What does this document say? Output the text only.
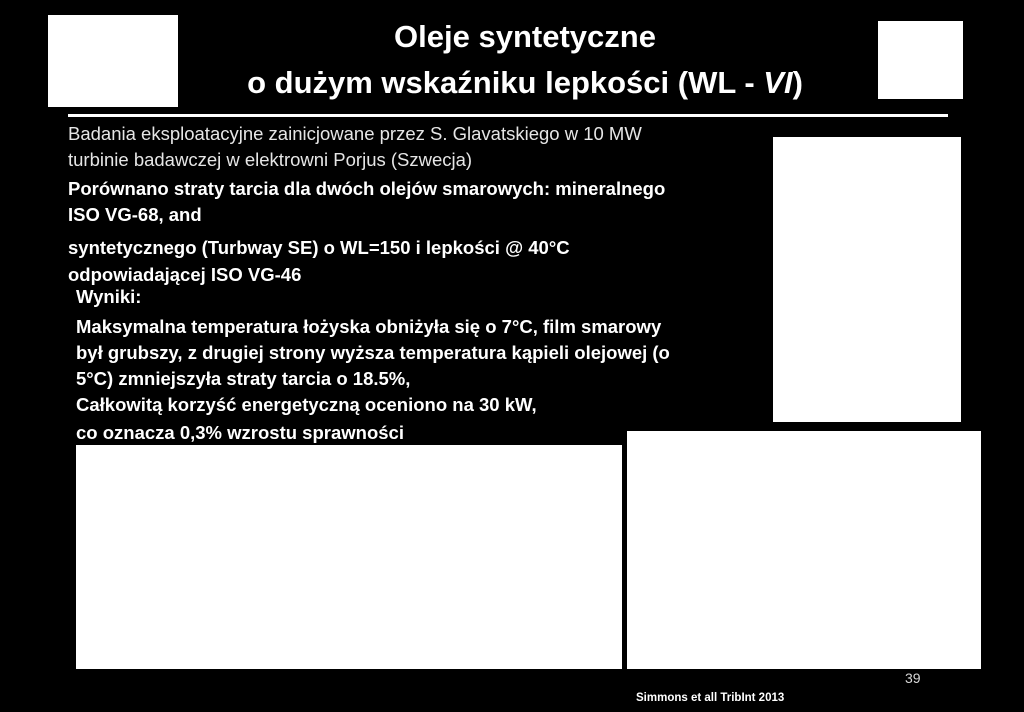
Oleje syntetyczne
o dużym wskaźniku lepkości (WL - VI)
Badania eksploatacyjne zainicjowane przez S. Glavatskiego w 10 MW
turbinie badawczej w elektrowni Porjus (Szwecja)
Porównano straty tarcia dla dwóch olejów smarowych: mineralnego
ISO VG-68, and
syntetycznego (Turbway SE) o WL=150 i lepkości @ 40°C
odpowiadającej ISO VG-46
Wyniki:
Maksymalna temperatura łożyska obniżyła się o 7°C, film smarowy
był grubszy, z drugiej strony wyższa temperatura kąpieli olejowej (o
5°C) zmniejszyła straty tarcia o 18.5%,
Całkowitą korzyść energetyczną oceniono na 30 kW,
co oznacza 0,3% wzrostu sprawności
39
Simmons et all TribInt 2013
